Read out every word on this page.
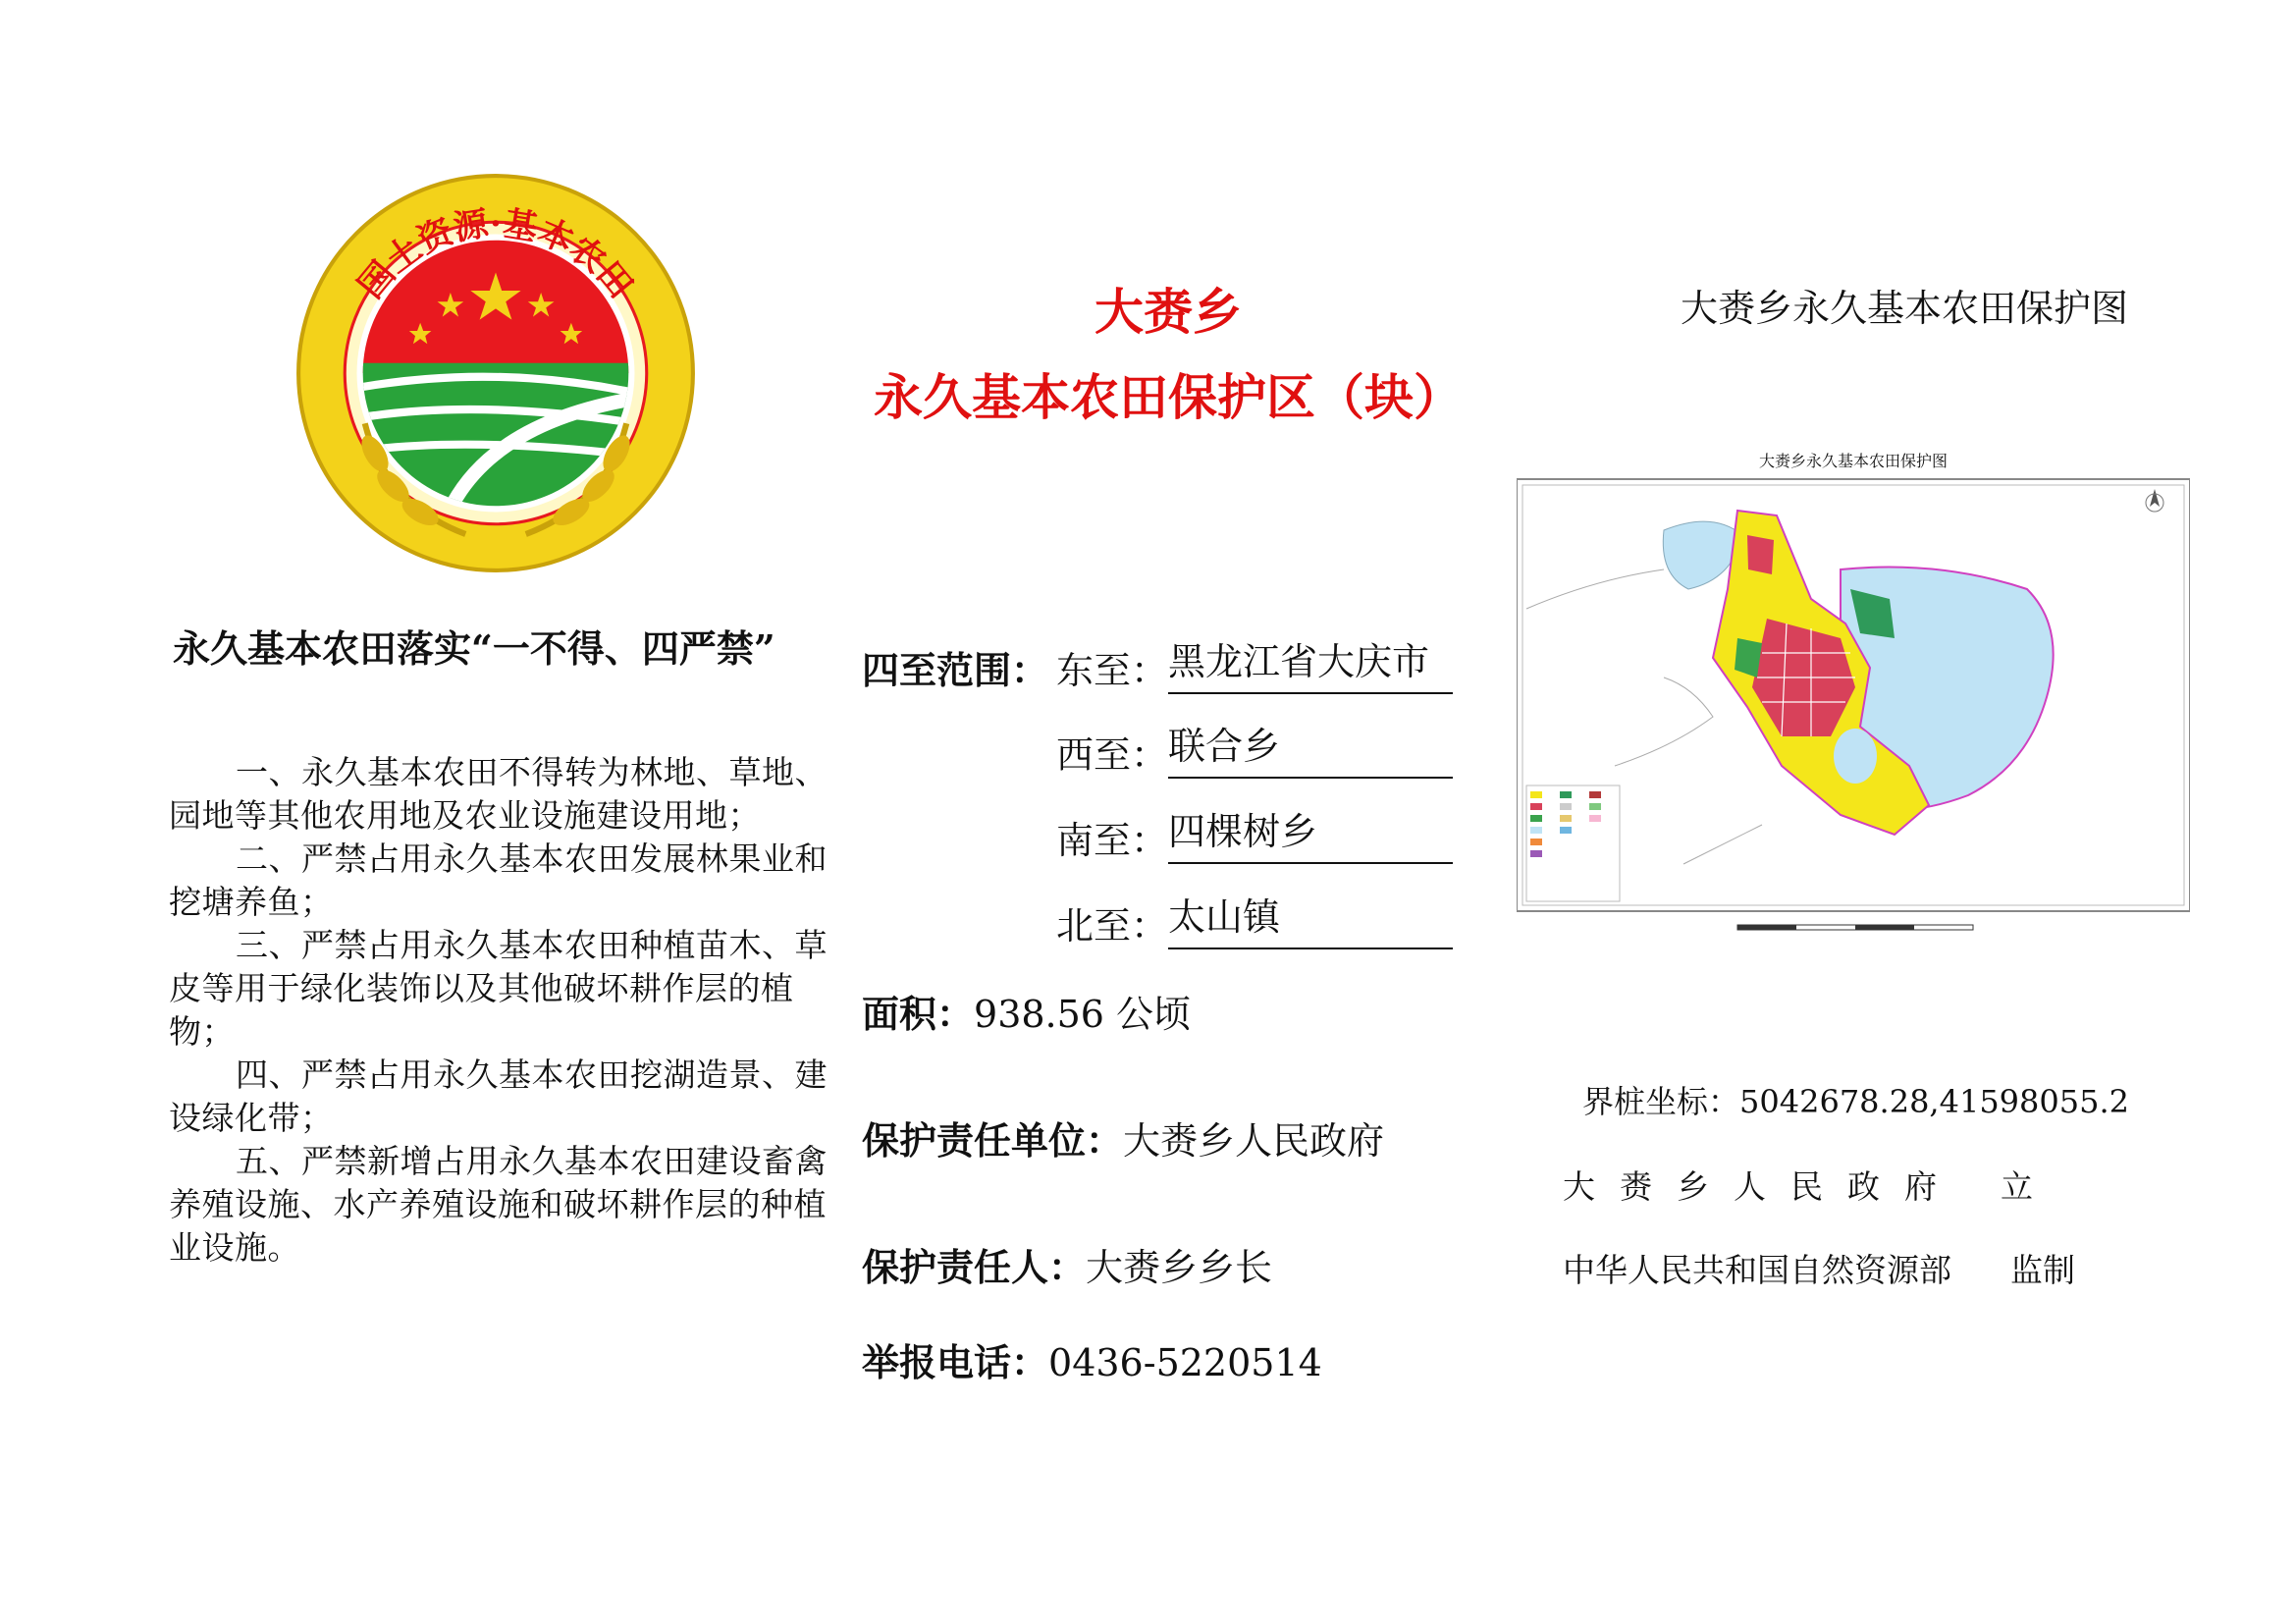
国土资源·基本农田
永久基本农田落实“一不得、四严禁”
一、永久基本农田不得转为林地、草地、园地等其他农用地及农业设施建设用地；
二、严禁占用永久基本农田发展林果业和挖塘养鱼；
三、严禁占用永久基本农田种植苗木、草皮等用于绿化装饰以及其他破坏耕作层的植物；
四、严禁占用永久基本农田挖湖造景、建设绿化带；
五、严禁新增占用永久基本农田建设畜禽养殖设施、水产养殖设施和破坏耕作层的种植业设施。
大赉乡
永久基本农田保护区（块）
四至范围： 东至： 黑龙江省大庆市
西至： 联合乡
南至： 四棵树乡
北至： 太山镇
面积：938.56 公顷
保护责任单位：大赉乡人民政府
保护责任人：大赉乡乡长
举报电话：0436-5220514
大赉乡永久基本农田保护图
大赉乡永久基本农田保护图
界桩坐标：5042678.28,41598055.2
大赉乡人民政府 立
中华人民共和国自然资源部 监制
